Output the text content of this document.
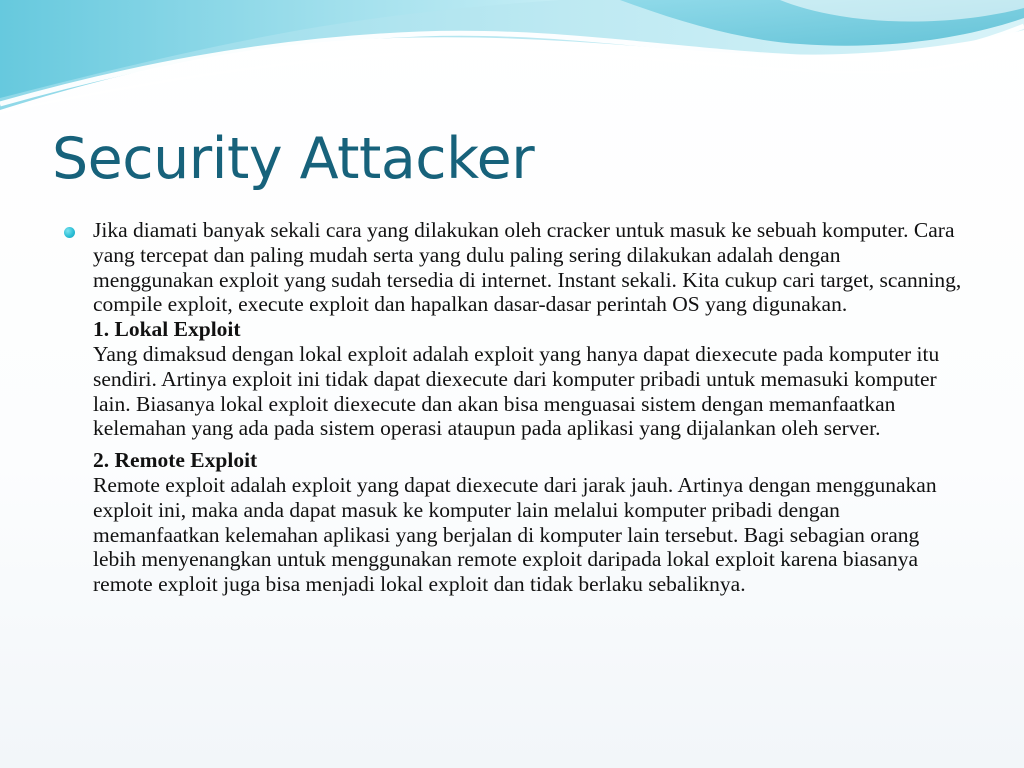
Security Attacker

Jika diamati banyak sekali cara yang dilakukan oleh cracker untuk masuk ke sebuah komputer. Cara yang tercepat dan paling mudah serta yang dulu paling sering dilakukan adalah dengan menggunakan exploit yang sudah tersedia di internet. Instant sekali. Kita cukup cari target, scanning, compile exploit, execute exploit dan hapalkan dasar-dasar perintah OS yang digunakan.

1. Lokal Exploit

Yang dimaksud dengan lokal exploit adalah exploit yang hanya dapat diexecute pada komputer itu sendiri. Artinya exploit ini tidak dapat diexecute dari komputer pribadi untuk memasuki komputer lain. Biasanya lokal exploit diexecute dan akan bisa menguasai sistem dengan memanfaatkan kelemahan yang ada pada sistem operasi ataupun pada aplikasi yang dijalankan oleh server.

2. Remote Exploit

Remote exploit adalah exploit yang dapat diexecute dari jarak jauh. Artinya dengan menggunakan exploit ini, maka anda dapat masuk ke komputer lain melalui komputer pribadi dengan memanfaatkan kelemahan aplikasi yang berjalan di komputer lain tersebut. Bagi sebagian orang lebih menyenangkan untuk menggunakan remote exploit daripada lokal exploit karena biasanya remote exploit juga bisa menjadi lokal exploit dan tidak berlaku sebaliknya.
